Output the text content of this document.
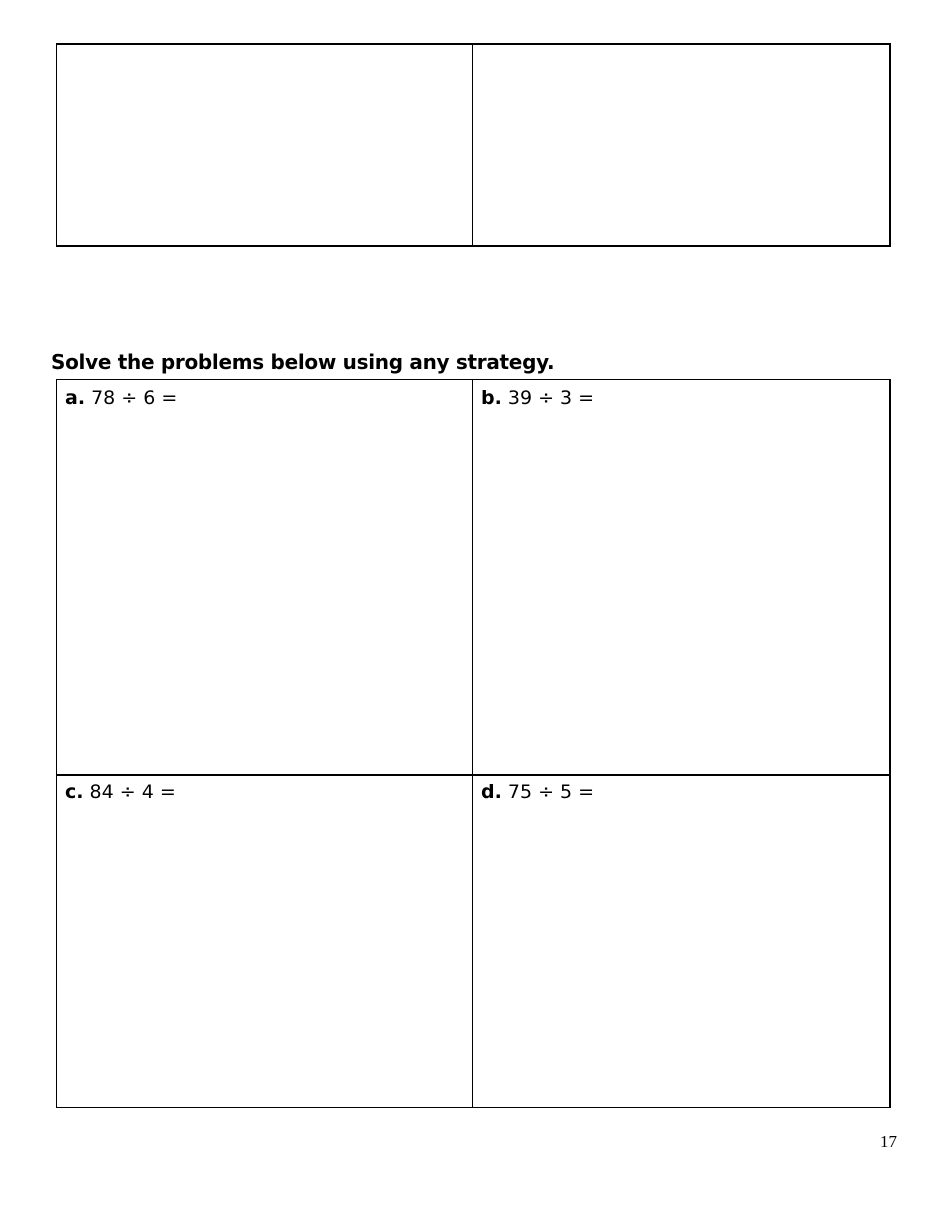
Solve the problems below using any strategy.
a. 78 ÷ 6 =	b. 39 ÷ 3 =
c. 84 ÷ 4 =	d. 75 ÷ 5 =
17
